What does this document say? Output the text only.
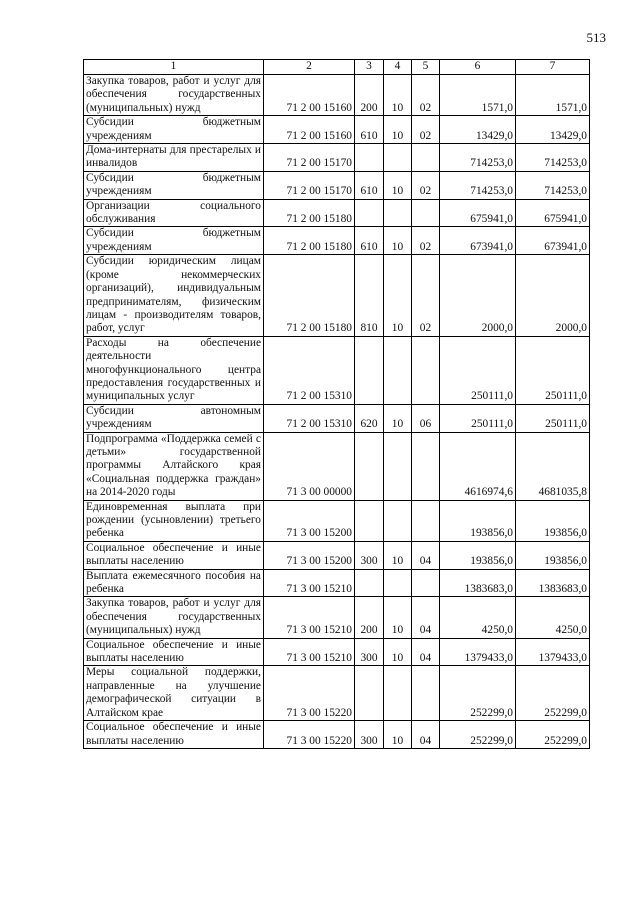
513
1	2	3	4	5	6	7
Закупка товаров, работ и услуг для обеспечения государственных (муниципальных) нужд	71 2 00 15160	200	10	02	1571,0	1571,0
Субсидии бюджетным учреждениям	71 2 00 15160	610	10	02	13429,0	13429,0
Дома-интернаты для престарелых и инвалидов	71 2 00 15170				714253,0	714253,0
Субсидии бюджетным учреждениям	71 2 00 15170	610	10	02	714253,0	714253,0
Организации социального обслуживания	71 2 00 15180				675941,0	675941,0
Субсидии бюджетным учреждениям	71 2 00 15180	610	10	02	673941,0	673941,0
Субсидии юридическим лицам (кроме некоммерческих организаций), индивидуальным предпринимателям, физическим лицам - производителям товаров, работ, услуг	71 2 00 15180	810	10	02	2000,0	2000,0
Расходы на обеспечение деятельности многофункционального центра предоставления государственных и муниципальных услуг	71 2 00 15310				250111,0	250111,0
Субсидии автономным учреждениям	71 2 00 15310	620	10	06	250111,0	250111,0
Подпрограмма «Поддержка семей с детьми» государственной программы Алтайского края «Социальная поддержка граждан» на 2014-2020 годы	71 3 00 00000				4616974,6	4681035,8
Единовременная выплата при рождении (усыновлении) третьего ребенка	71 3 00 15200				193856,0	193856,0
Социальное обеспечение и иные выплаты населению	71 3 00 15200	300	10	04	193856,0	193856,0
Выплата ежемесячного пособия на ребенка	71 3 00 15210				1383683,0	1383683,0
Закупка товаров, работ и услуг для обеспечения государственных (муниципальных) нужд	71 3 00 15210	200	10	04	4250,0	4250,0
Социальное обеспечение и иные выплаты населению	71 3 00 15210	300	10	04	1379433,0	1379433,0
Меры социальной поддержки, направленные на улучшение демографической ситуации в Алтайском крае	71 3 00 15220				252299,0	252299,0
Социальное обеспечение и иные выплаты населению	71 3 00 15220	300	10	04	252299,0	252299,0
